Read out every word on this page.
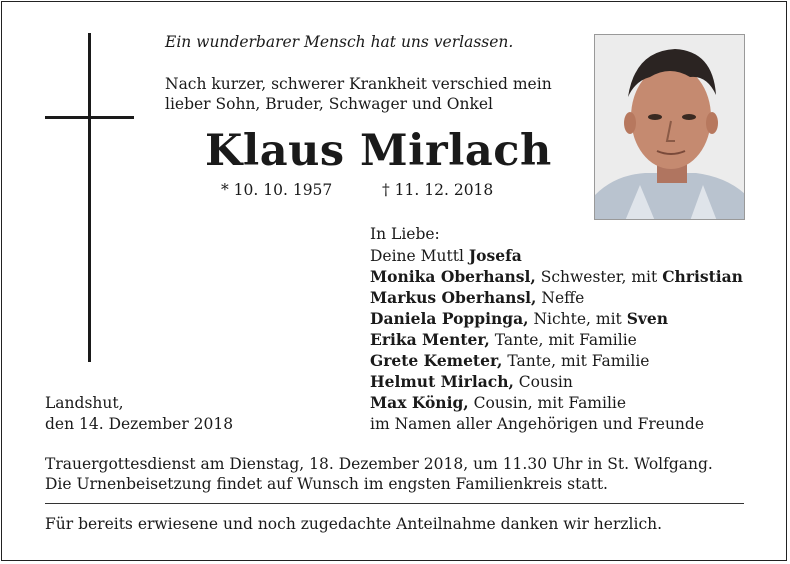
Ein wunderbarer Mensch hat uns verlassen.
Nach kurzer, schwerer Krankheit verschied mein
lieber Sohn, Bruder, Schwager und Onkel
Klaus Mirlach
* 10. 10. 1957	† 11. 12. 2018
In Liebe:
Deine Muttl Josefa
Monika Oberhansl, Schwester, mit Christian
Markus Oberhansl, Neffe
Daniela Poppinga, Nichte, mit Sven
Erika Menter, Tante, mit Familie
Grete Kemeter, Tante, mit Familie
Helmut Mirlach, Cousin
Max König, Cousin, mit Familie
im Namen aller Angehörigen und Freunde
Landshut,
den 14. Dezember 2018
Trauergottesdienst am Dienstag, 18. Dezember 2018, um 11.30 Uhr in St. Wolfgang.
Die Urnenbeisetzung findet auf Wunsch im engsten Familienkreis statt.
Für bereits erwiesene und noch zugedachte Anteilnahme danken wir herzlich.
